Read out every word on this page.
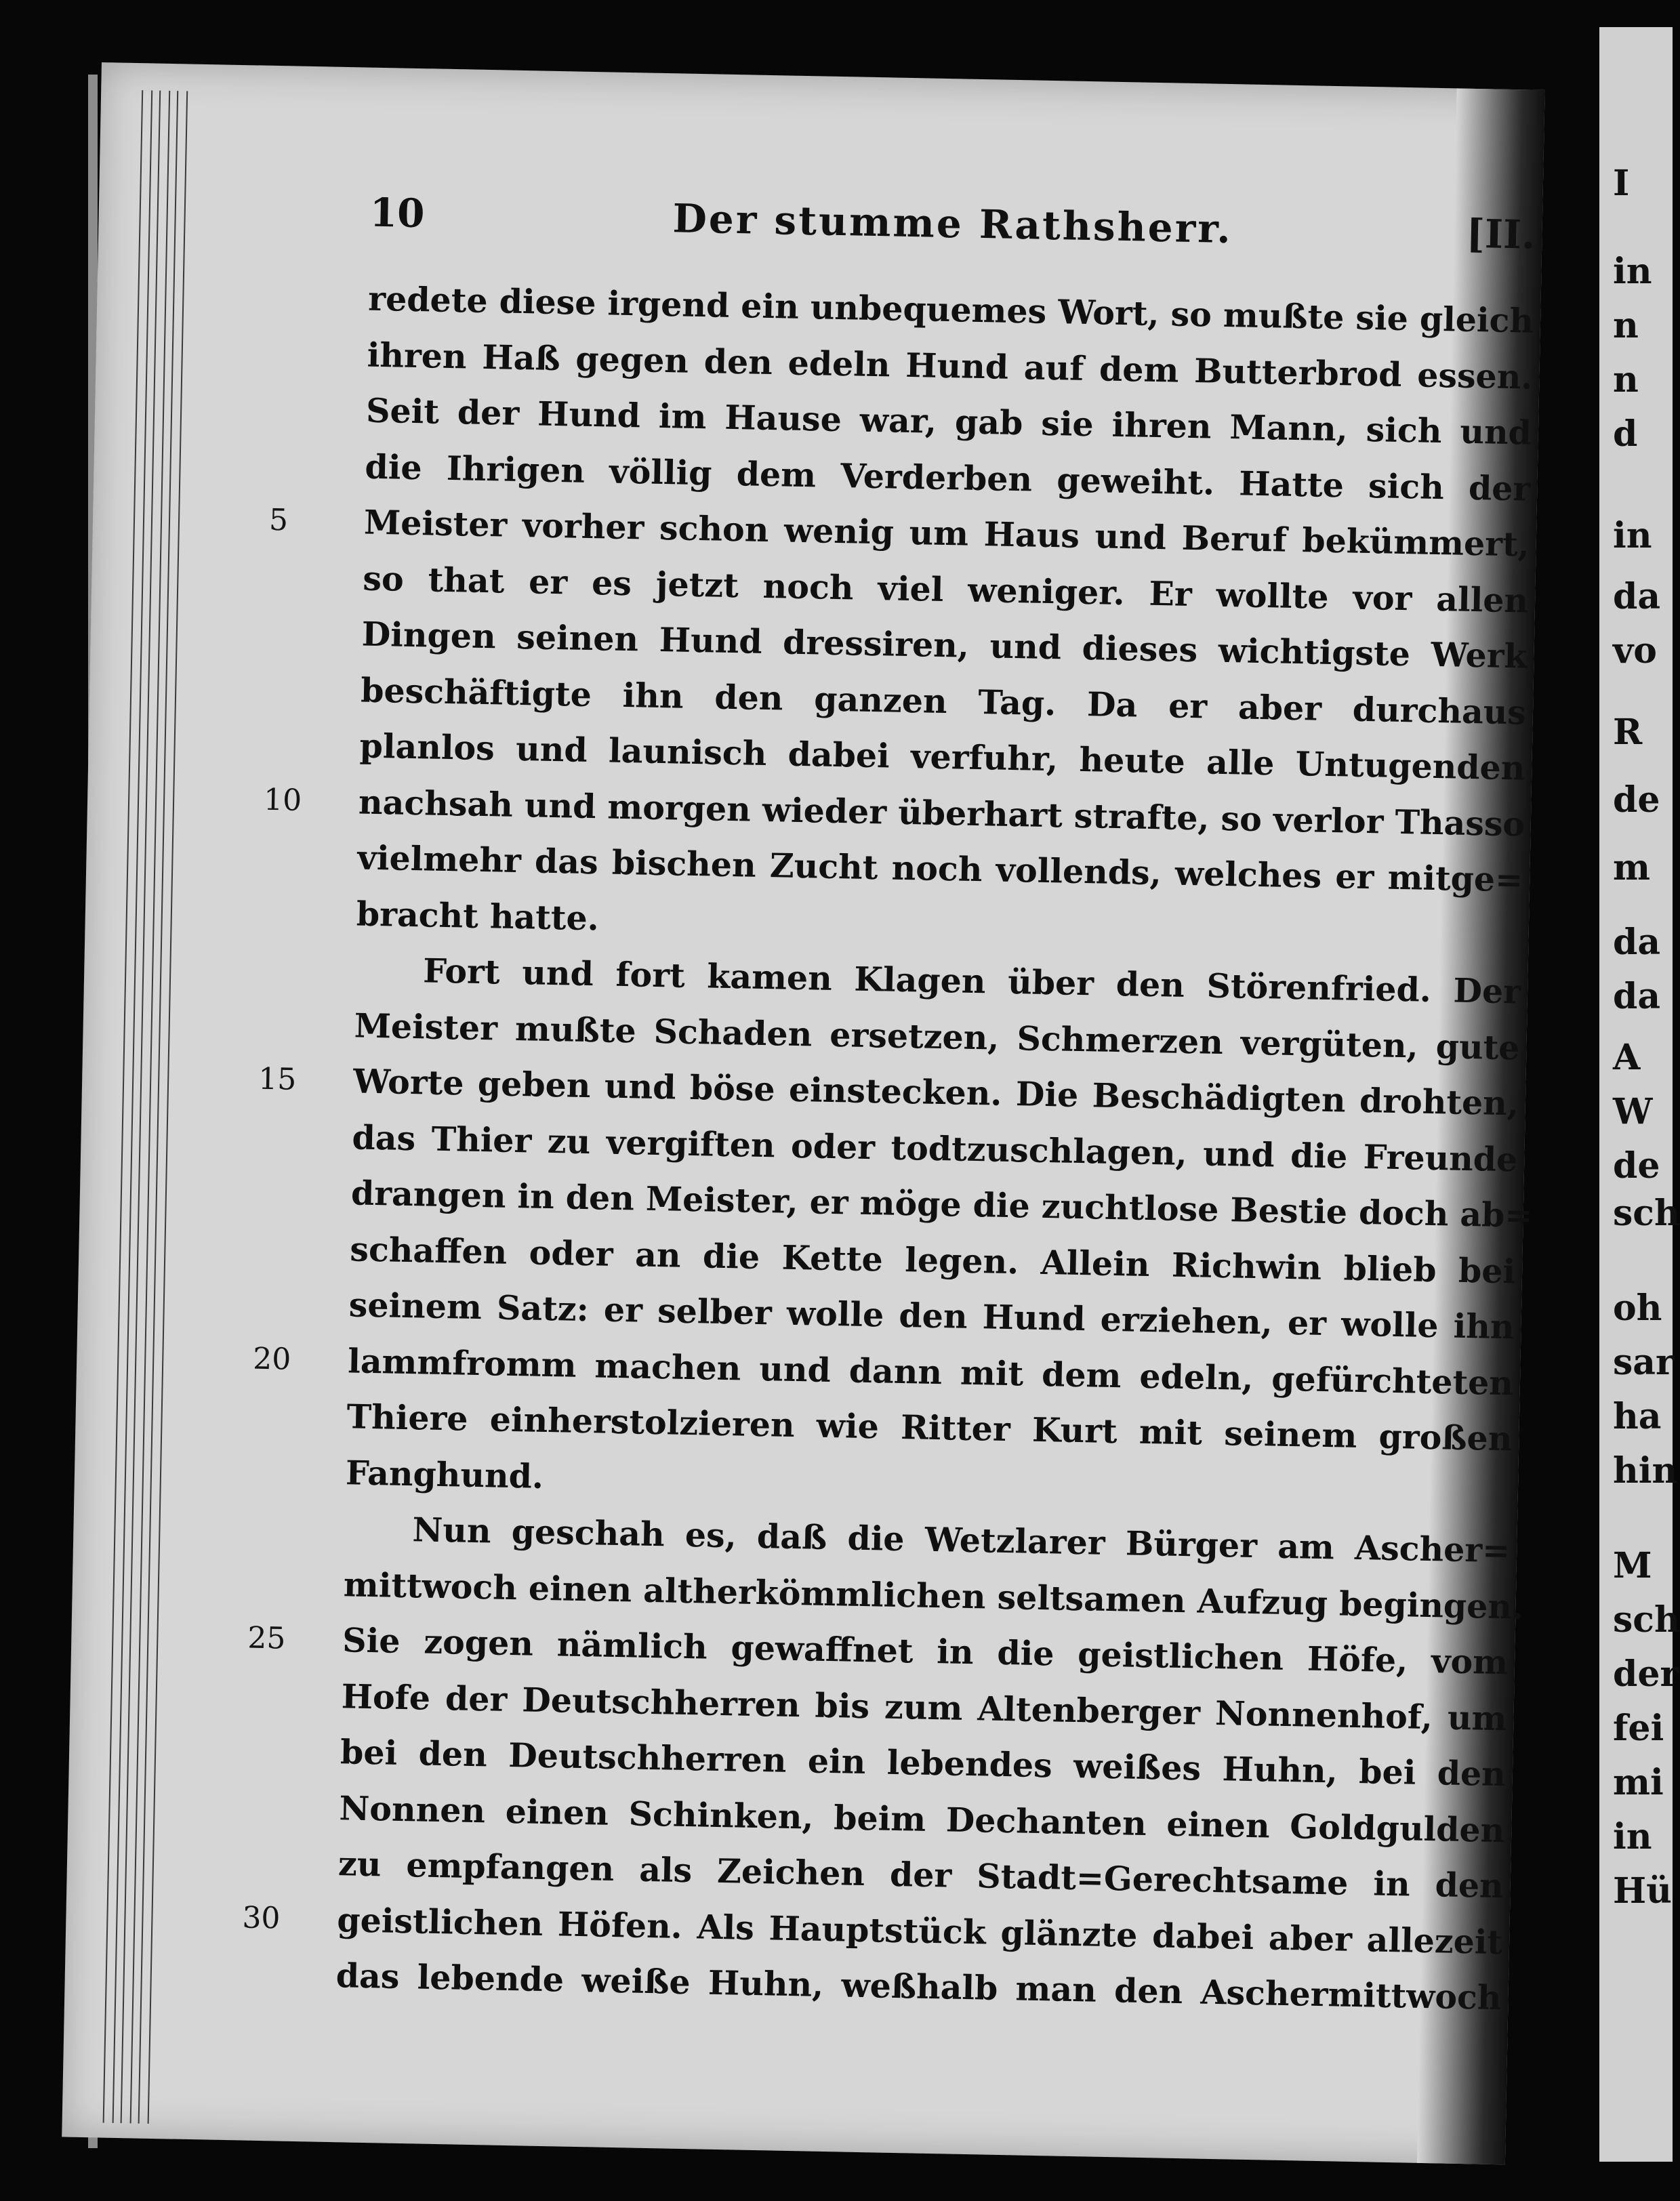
10	Der stumme Rathsherr.	[II.
redete diese irgend ein unbequemes Wort, so mußte sie gleich
ihren Haß gegen den edeln Hund auf dem Butterbrod essen.
Seit der Hund im Hause war, gab sie ihren Mann, sich und
die Ihrigen völlig dem Verderben geweiht. Hatte sich der
Meister vorher schon wenig um Haus und Beruf bekümmert,
5
so that er es jetzt noch viel weniger. Er wollte vor allen
Dingen seinen Hund dressiren, und dieses wichtigste Werk
beschäftigte ihn den ganzen Tag. Da er aber durchaus
planlos und launisch dabei verfuhr, heute alle Untugenden
nachsah und morgen wieder überhart strafte, so verlor Thasso
10
vielmehr das bischen Zucht noch vollends, welches er mitge=
bracht hatte.
Fort und fort kamen Klagen über den Störenfried. Der
Meister mußte Schaden ersetzen, Schmerzen vergüten, gute
Worte geben und böse einstecken. Die Beschädigten drohten,
15
das Thier zu vergiften oder todtzuschlagen, und die Freunde
drangen in den Meister, er möge die zuchtlose Bestie doch ab=
schaffen oder an die Kette legen. Allein Richwin blieb bei
seinem Satz: er selber wolle den Hund erziehen, er wolle ihn
lammfromm machen und dann mit dem edeln, gefürchteten
20
Thiere einherstolzieren wie Ritter Kurt mit seinem großen
Fanghund.
Nun geschah es, daß die Wetzlarer Bürger am Ascher=
mittwoch einen altherkömmlichen seltsamen Aufzug begingen.
Sie zogen nämlich gewaffnet in die geistlichen Höfe, vom
25
Hofe der Deutschherren bis zum Altenberger Nonnenhof, um
bei den Deutschherren ein lebendes weißes Huhn, bei den
Nonnen einen Schinken, beim Dechanten einen Goldgulden
zu empfangen als Zeichen der Stadt=Gerechtsame in den
geistlichen Höfen. Als Hauptstück glänzte dabei aber allezeit
30
das lebende weiße Huhn, weßhalb man den Aschermittwoch
I
in
n
n
d
in
da
vo
R
de
m
da
da
A
W
de
sch
oh
sar
ha
hin
M
sch
der
fei
mi
in
Hü
